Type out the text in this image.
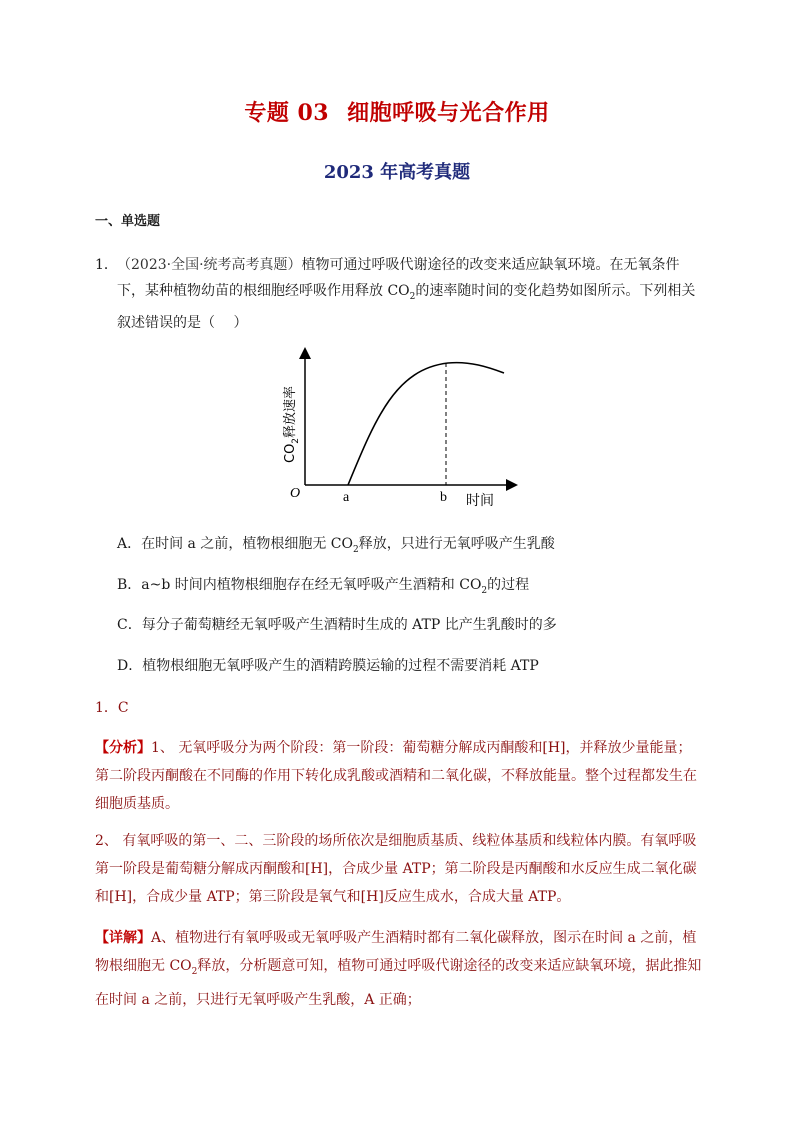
专题 03 细胞呼吸与光合作用
2023 年高考真题
一、单选题
1． （2023·全国·统考高考真题）植物可通过呼吸代谢途径的改变来适应缺氧环境。在无氧条件下，某种植物幼苗的根细胞经呼吸作用释放 $CO_2$的速率随时间的变化趋势如图所示。下列相关叙述错误的是（　 ）
O	a	b 时间
$CO_2$释放速率
A．在时间 a 之前，植物根细胞无 $CO_2$释放，只进行无氧呼吸产生乳酸
B．a~b 时间内植物根细胞存在经无氧呼吸产生酒精和 $CO_2$的过程
C．每分子葡萄糖经无氧呼吸产生酒精时生成的 ATP 比产生乳酸时的多
D．植物根细胞无氧呼吸产生的酒精跨膜运输的过程不需要消耗 ATP
1．C
【分析】1、 无氧呼吸分为两个阶段：第一阶段：葡萄糖分解成丙酮酸和[H]，并释放少量能量；第二阶段丙酮酸在不同酶的作用下转化成乳酸或酒精和二氧化碳，不释放能量。整个过程都发生在细胞质基质。
2、 有氧呼吸的第一、二、三阶段的场所依次是细胞质基质、线粒体基质和线粒体内膜。有氧呼吸第一阶段是葡萄糖分解成丙酮酸和[H]，合成少量 ATP；第二阶段是丙酮酸和水反应生成二氧化碳和[H]，合成少量 ATP；第三阶段是氧气和[H]反应生成水，合成大量 ATP。
【详解】A、植物进行有氧呼吸或无氧呼吸产生酒精时都有二氧化碳释放，图示在时间 a 之前，植物根细胞无 $CO_2$释放，分析题意可知，植物可通过呼吸代谢途径的改变来适应缺氧环境，据此推知在时间 a 之前，只进行无氧呼吸产生乳酸，A 正确；
